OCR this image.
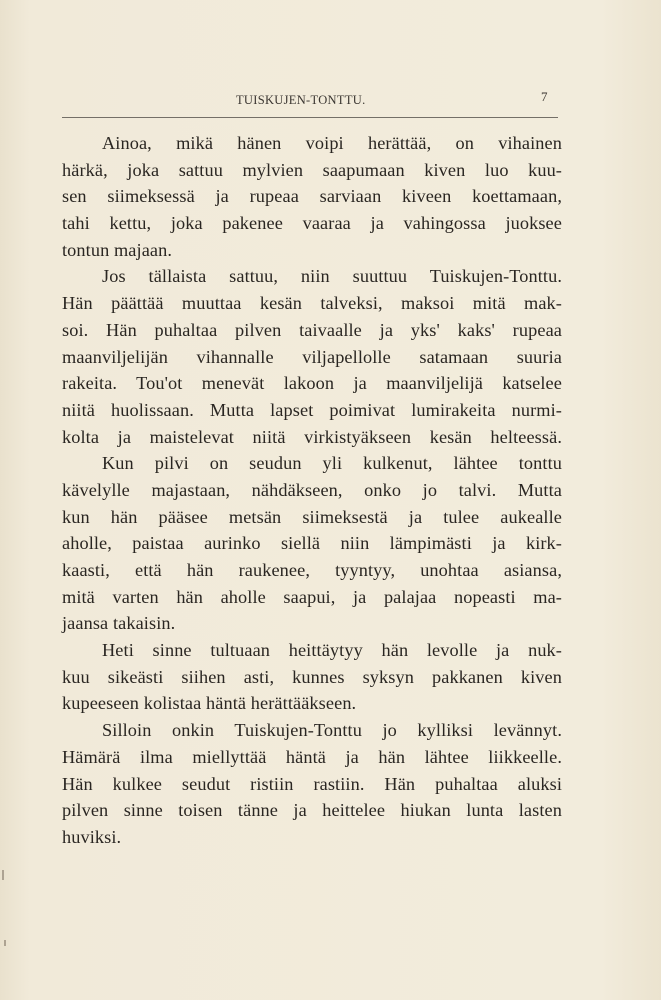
TUISKUJEN-TONTTU.	7
Ainoa, mikä hänen voipi herättää, on vihainen
härkä, joka sattuu mylvien saapumaan kiven luo kuu-
sen siimeksessä ja rupeaa sarviaan kiveen koettamaan,
tahi kettu, joka pakenee vaaraa ja vahingossa juoksee
tontun majaan.
Jos tällaista sattuu, niin suuttuu Tuiskujen-Tonttu.
Hän päättää muuttaa kesän talveksi, maksoi mitä mak-
soi. Hän puhaltaa pilven taivaalle ja yks' kaks' rupeaa
maanviljelijän vihannalle viljapellolle satamaan suuria
rakeita. Tou'ot menevät lakoon ja maanviljelijä katselee
niitä huolissaan. Mutta lapset poimivat lumirakeita nurmi-
kolta ja maistelevat niitä virkistyäkseen kesän helteessä.
Kun pilvi on seudun yli kulkenut, lähtee tonttu
kävelylle majastaan, nähdäkseen, onko jo talvi. Mutta
kun hän pääsee metsän siimeksestä ja tulee aukealle
aholle, paistaa aurinko siellä niin lämpimästi ja kirk-
kaasti, että hän raukenee, tyyntyy, unohtaa asiansa,
mitä varten hän aholle saapui, ja palajaa nopeasti ma-
jaansa takaisin.
Heti sinne tultuaan heittäytyy hän levolle ja nuk-
kuu sikeästi siihen asti, kunnes syksyn pakkanen kiven
kupeeseen kolistaa häntä herättääkseen.
Silloin onkin Tuiskujen-Tonttu jo kylliksi levännyt.
Hämärä ilma miellyttää häntä ja hän lähtee liikkeelle.
Hän kulkee seudut ristiin rastiin. Hän puhaltaa aluksi
pilven sinne toisen tänne ja heittelee hiukan lunta lasten
huviksi.
